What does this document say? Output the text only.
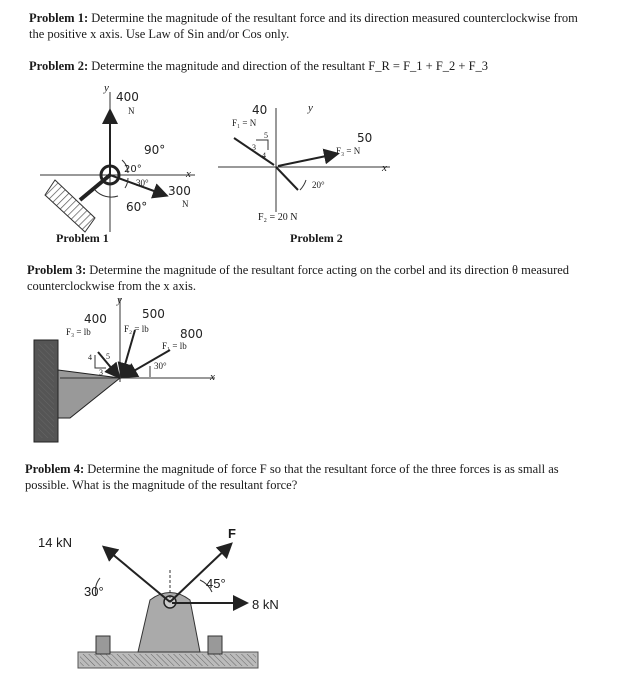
Problem 1: Determine the magnitude of the resultant force and its direction measured counterclockwise from the positive x axis. Use Law of Sin and/or Cos only.

Problem 2: Determine the magnitude and direction of the resultant F_R = F_1 + F_2 + F_3

Problem 3: Determine the magnitude of the resultant force acting on the corbel and its direction θ measured counterclockwise from the x axis.

Problem 4: Determine the magnitude of force F so that the resultant force of the three forces is as small as possible. What is the magnitude of the resultant force?

y
x
400
N
300
N
90°
20°
30°
60°
Problem 1
y
x
40
F₁ = N
5
3
4
50
F₃ = N
20°
F₂ = 20 N
Problem 2
y
x
400
F₃ = lb
500
F₂ = lb	800
F₁ = lb
4
3
5
30°
14 kN
F
8 kN
30°
45°
